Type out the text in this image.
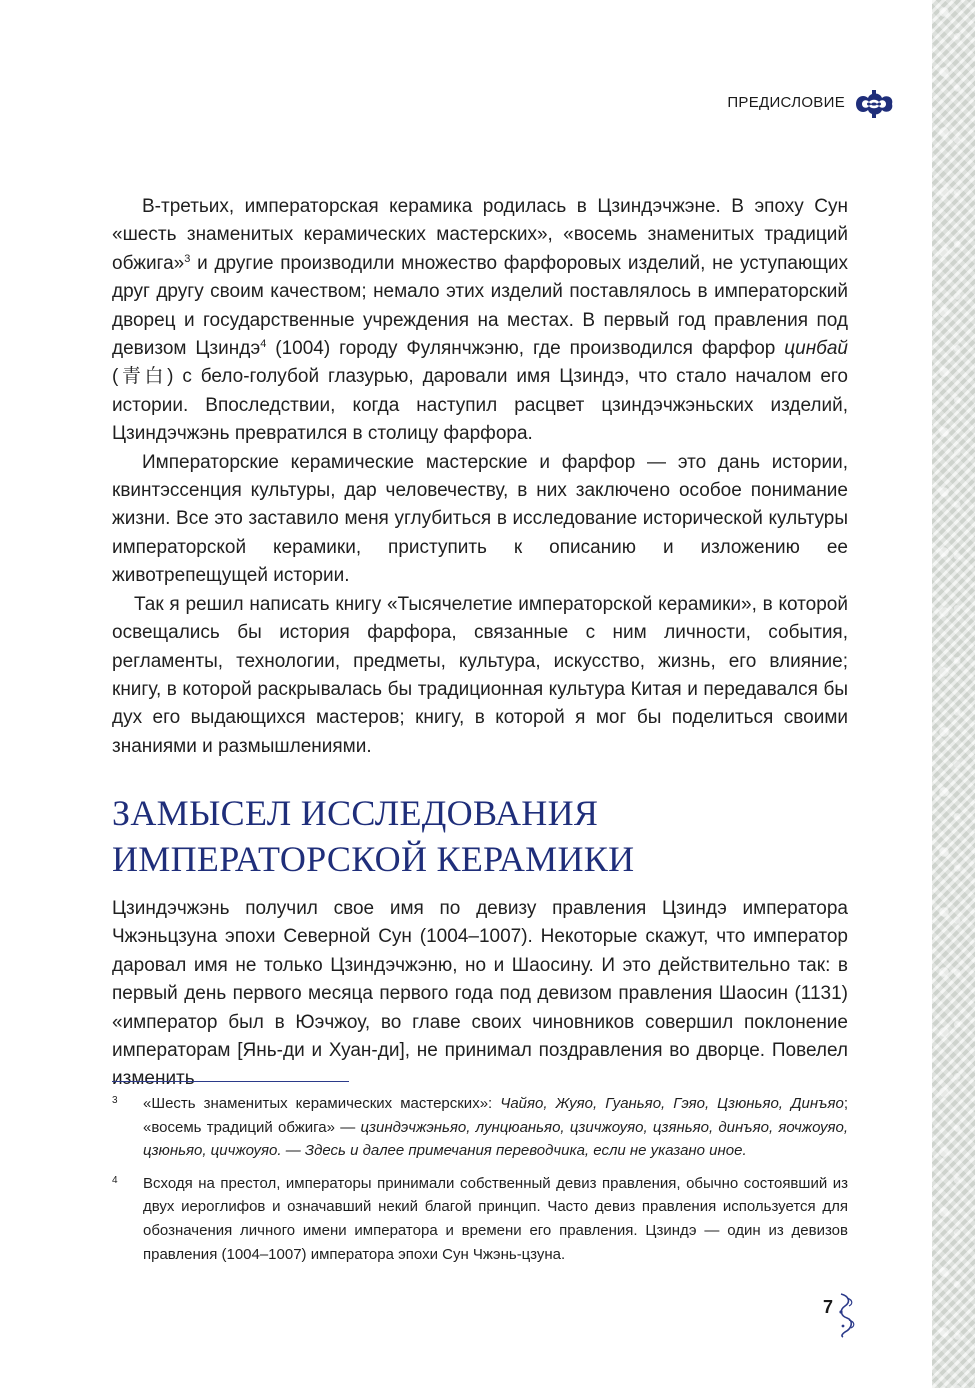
ПРЕДИСЛОВИЕ

В-третьих, императорская керамика родилась в Цзиндэчжэне. В эпоху Сун «шесть знаменитых керамических мастерских», «восемь знаменитых традиций обжига»$^3$ и другие производили множество фарфоровых изделий, не уступающих друг другу своим качеством; немало этих изделий поставлялось в императорский дворец и государственные учреждения на местах. В первый год правления под девизом Цзиндэ$^4$ (1004) городу Фулянчжэню, где производился фарфор цинбай (青白) с бело-голубой глазурью, даровали имя Цзиндэ, что стало началом его истории. Впоследствии, когда наступил расцвет цзиндэчжэньских изделий, Цзиндэчжэнь превратился в столицу фарфора.

Императорские керамические мастерские и фарфор — это дань истории, квинтэссенция культуры, дар человечеству, в них заключено особое понимание жизни. Все это заставило меня углубиться в исследование исторической культуры императорской керамики, приступить к описанию и изложению ее животрепещущей истории.

Так я решил написать книгу «Тысячелетие императорской керамики», в которой освещались бы история фарфора, связанные с ним личности, события, регламенты, технологии, предметы, культура, искусство, жизнь, его влияние; книгу, в которой раскрывалась бы традиционная культура Китая и передавался бы дух его выдающихся мастеров; книгу, в которой я мог бы поделиться своими знаниями и размышлениями.

ЗАМЫСЕЛ ИССЛЕДОВАНИЯ
ИМПЕРАТОРСКОЙ КЕРАМИКИ

Цзиндэчжэнь получил свое имя по девизу правления Цзиндэ императора Чжэньцзуна эпохи Северной Сун (1004–1007). Некоторые скажут, что император даровал имя не только Цзиндэчжэню, но и Шаосину. И это действительно так: в первый день первого месяца первого года под девизом правления Шаосин (1131) «император был в Юэчжоу, во главе своих чиновников совершил поклонение императорам [Янь-ди и Хуан-ди], не принимал поздравления во дворце. Повелел изменить

3 «Шесть знаменитых керамических мастерских»: Чайяо, Жуяо, Гуаньяо, Гэяо, Цзюньяо, Динъяо; «восемь традиций обжига» — цзиндэчжэньяо, лунцюаньяо, цзичжоуяо, цзяньяо, динъяо, яочжоуяо, цзюньяо, цичжоуяо. — Здесь и далее примечания переводчика, если не указано иное.
4 Всходя на престол, императоры принимали собственный девиз правления, обычно состоявший из двух иероглифов и означавший некий благой принцип. Часто девиз правления используется для обозначения личного имени императора и времени его правления. Цзиндэ — один из девизов правления (1004–1007) императора эпохи Сун Чжэнь-цзуна.
7
